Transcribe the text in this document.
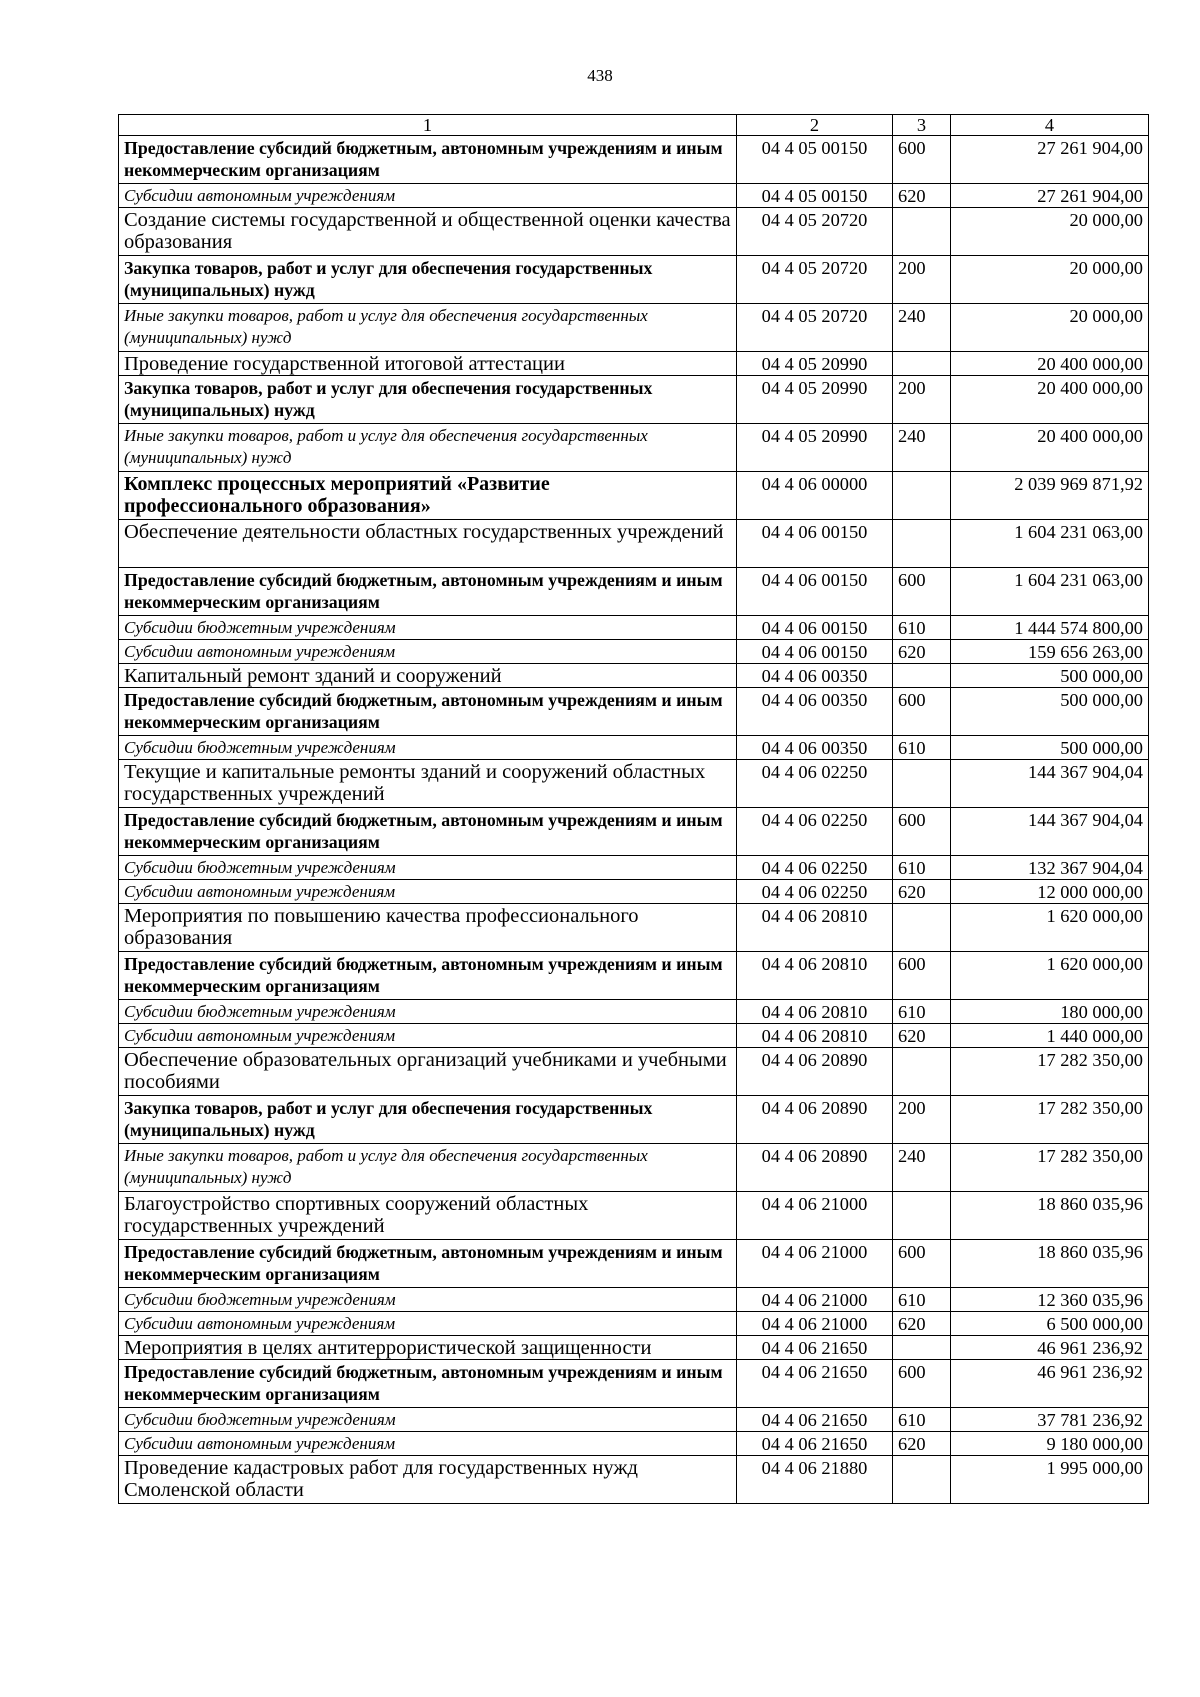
438
1	2	3	4
Предоставление субсидий бюджетным, автономным учреждениям и иным некоммерческим организациям	04 4 05 00150	600	27 261 904,00
Субсидии автономным учреждениям	04 4 05 00150	620	27 261 904,00
Создание системы государственной и общественной оценки качества образования	04 4 05 20720		20 000,00
Закупка товаров, работ и услуг для обеспечения государственных (муниципальных) нужд	04 4 05 20720	200	20 000,00
Иные закупки товаров, работ и услуг для обеспечения государственных (муниципальных) нужд	04 4 05 20720	240	20 000,00
Проведение государственной итоговой аттестации	04 4 05 20990		20 400 000,00
Закупка товаров, работ и услуг для обеспечения государственных (муниципальных) нужд	04 4 05 20990	200	20 400 000,00
Иные закупки товаров, работ и услуг для обеспечения государственных (муниципальных) нужд	04 4 05 20990	240	20 400 000,00
Комплекс процессных мероприятий «Развитие профессионального образования»	04 4 06 00000		2 039 969 871,92
Обеспечение деятельности областных государственных учреждений	04 4 06 00150		1 604 231 063,00
Предоставление субсидий бюджетным, автономным учреждениям и иным некоммерческим организациям	04 4 06 00150	600	1 604 231 063,00
Субсидии бюджетным учреждениям	04 4 06 00150	610	1 444 574 800,00
Субсидии автономным учреждениям	04 4 06 00150	620	159 656 263,00
Капитальный ремонт зданий и сооружений	04 4 06 00350		500 000,00
Предоставление субсидий бюджетным, автономным учреждениям и иным некоммерческим организациям	04 4 06 00350	600	500 000,00
Субсидии бюджетным учреждениям	04 4 06 00350	610	500 000,00
Текущие и капитальные ремонты зданий и сооружений областных государственных учреждений	04 4 06 02250		144 367 904,04
Предоставление субсидий бюджетным, автономным учреждениям и иным некоммерческим организациям	04 4 06 02250	600	144 367 904,04
Субсидии бюджетным учреждениям	04 4 06 02250	610	132 367 904,04
Субсидии автономным учреждениям	04 4 06 02250	620	12 000 000,00
Мероприятия по повышению качества профессионального образования	04 4 06 20810		1 620 000,00
Предоставление субсидий бюджетным, автономным учреждениям и иным некоммерческим организациям	04 4 06 20810	600	1 620 000,00
Субсидии бюджетным учреждениям	04 4 06 20810	610	180 000,00
Субсидии автономным учреждениям	04 4 06 20810	620	1 440 000,00
Обеспечение образовательных организаций учебниками и учебными пособиями	04 4 06 20890		17 282 350,00
Закупка товаров, работ и услуг для обеспечения государственных (муниципальных) нужд	04 4 06 20890	200	17 282 350,00
Иные закупки товаров, работ и услуг для обеспечения государственных (муниципальных) нужд	04 4 06 20890	240	17 282 350,00
Благоустройство спортивных сооружений областных государственных учреждений	04 4 06 21000		18 860 035,96
Предоставление субсидий бюджетным, автономным учреждениям и иным некоммерческим организациям	04 4 06 21000	600	18 860 035,96
Субсидии бюджетным учреждениям	04 4 06 21000	610	12 360 035,96
Субсидии автономным учреждениям	04 4 06 21000	620	6 500 000,00
Мероприятия в целях антитеррористической защищенности	04 4 06 21650		46 961 236,92
Предоставление субсидий бюджетным, автономным учреждениям и иным некоммерческим организациям	04 4 06 21650	600	46 961 236,92
Субсидии бюджетным учреждениям	04 4 06 21650	610	37 781 236,92
Субсидии автономным учреждениям	04 4 06 21650	620	9 180 000,00
Проведение кадастровых работ для государственных нужд Смоленской области	04 4 06 21880		1 995 000,00
